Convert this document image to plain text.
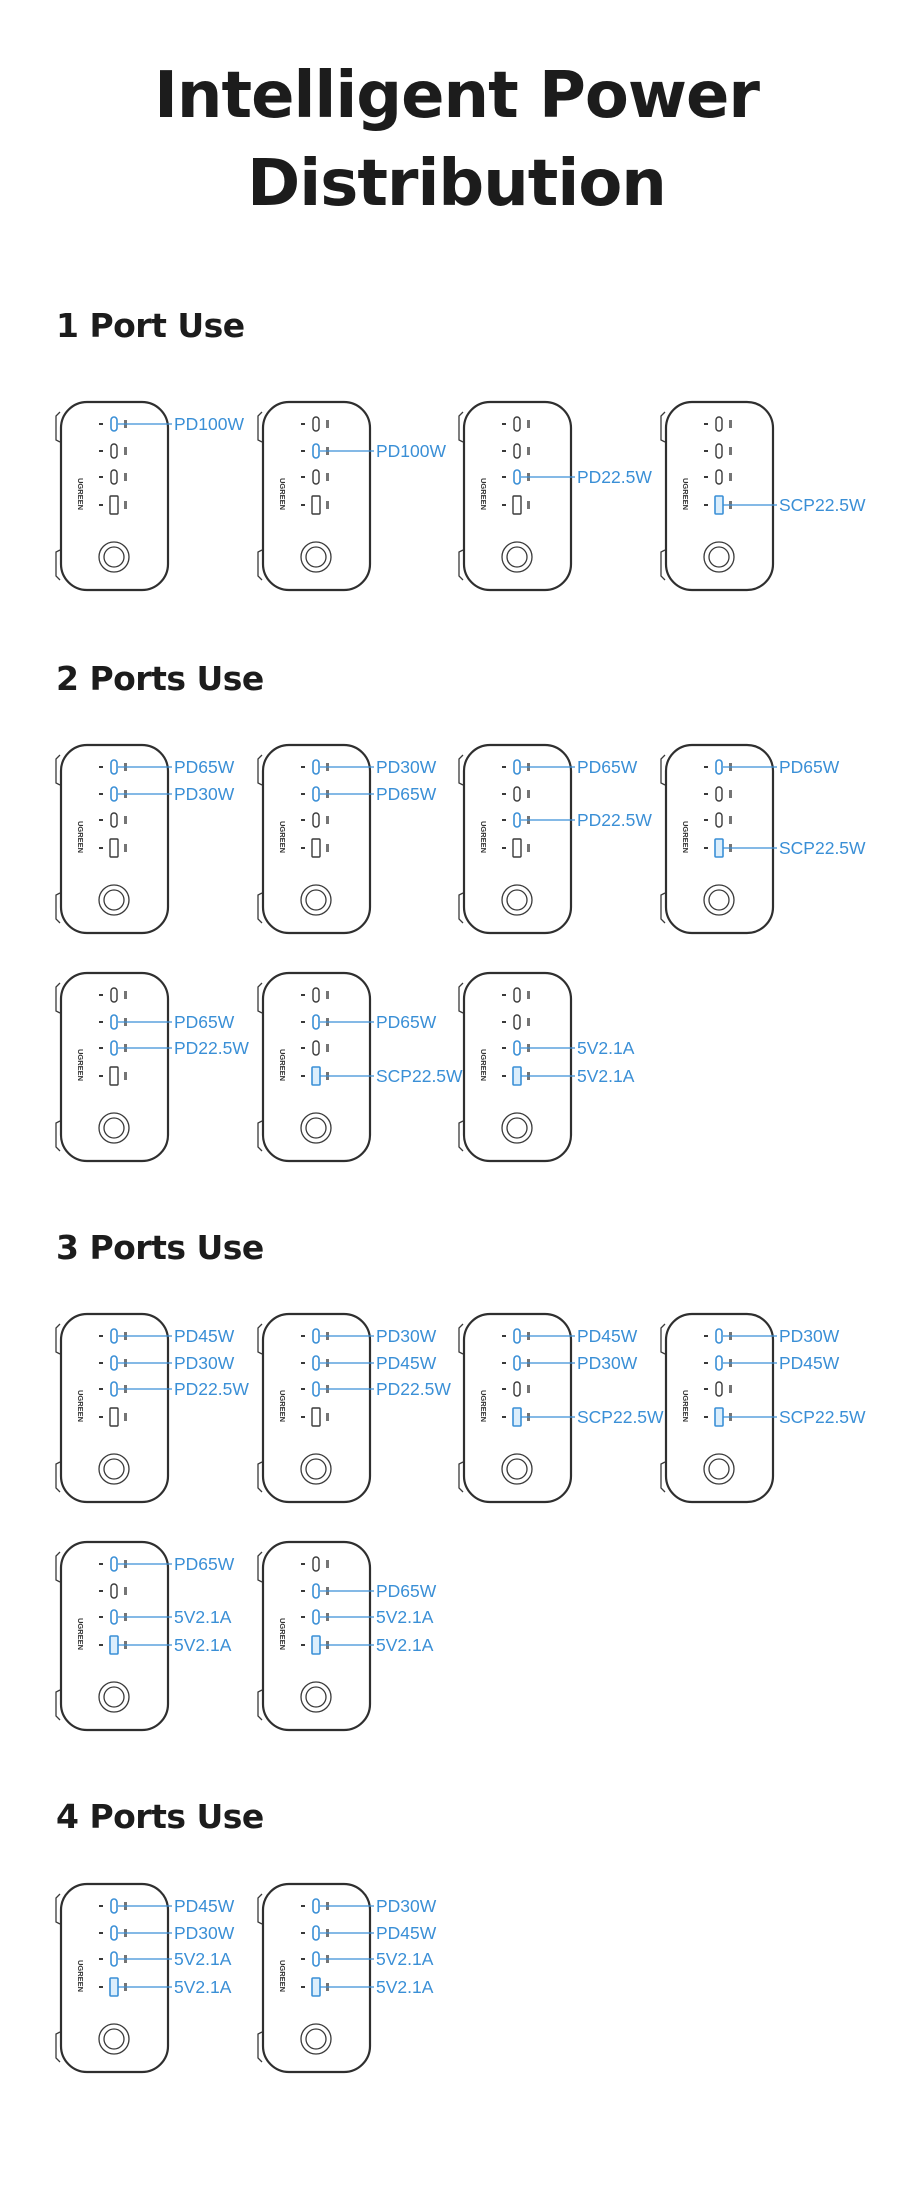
Intelligent Power
Distribution
1 Port Use
2 Ports Use
3 Ports Use
4 Ports Use
UGREEN
PD100W
UGREEN
PD100W
UGREEN
PD22.5W
UGREEN	SCP22.5W
UGREEN
PD65W
PD30W
UGREEN
PD30W
PD65W
UGREEN
PD65W
PD22.5W
UGREEN
PD65W
SCP22.5W
UGREEN
PD65W
PD22.5W
UGREEN
PD65W
SCP22.5W UGREEN
5V2.1A
5V2.1A
UGREEN
PD45W
PD30W
PD22.5W
UGREEN
PD30W
PD45W
PD22.5W
UGREEN
PD45W
PD30W
SCP22.5W UGREEN
PD30W
PD45W
SCP22.5W
UGREEN
PD65W
5V2.1A
5V2.1A	UGREEN
PD65W
5V2.1A
5V2.1A
UGREEN
PD45W
PD30W
5V2.1A
5V2.1A	UGREEN
PD30W
PD45W
5V2.1A
5V2.1A
